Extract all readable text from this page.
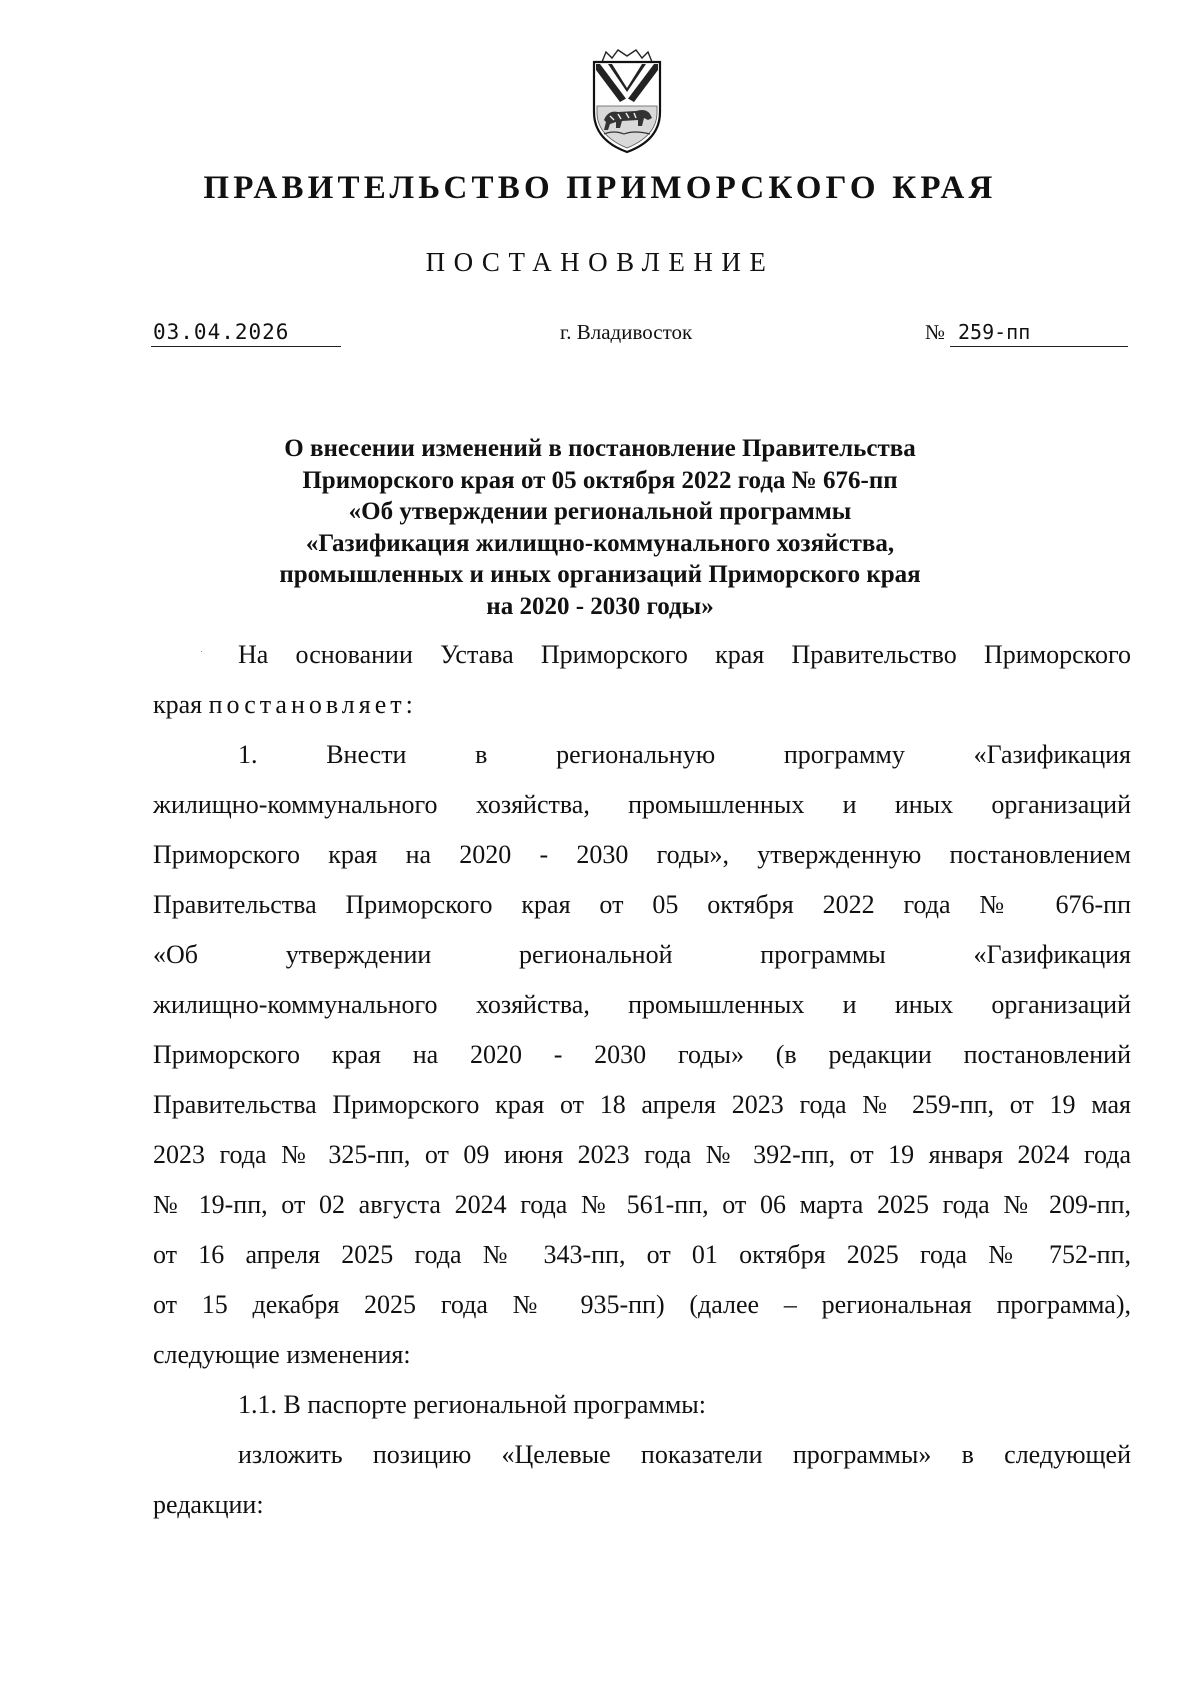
ПРАВИТЕЛЬСТВО ПРИМОРСКОГО КРАЯ
ПОСТАНОВЛЕНИЕ
03.04.2026	г. Владивосток	№ 259-пп
О внесении изменений в постановление Правительства
Приморского края от 05 октября 2022 года № 676-пп
«Об утверждении региональной программы
«Газификация жилищно-коммунального хозяйства,
промышленных и иных организаций Приморского края
на 2020 - 2030 годы»

На основании Устава Приморского края Правительство Приморского

края постановляет:

1. Внести в региональную программу «Газификация

жилищно-коммунального хозяйства, промышленных и иных организаций

Приморского края на 2020 - 2030 годы», утвержденную постановлением

Правительства Приморского края от 05 октября 2022 года № 676-пп

«Об утверждении региональной программы «Газификация

жилищно-коммунального хозяйства, промышленных и иных организаций

Приморского края на 2020 - 2030 годы» (в редакции постановлений

Правительства Приморского края от 18 апреля 2023 года № 259-пп, от 19 мая

2023 года № 325-пп, от 09 июня 2023 года № 392-пп, от 19 января 2024 года

№ 19-пп, от 02 августа 2024 года № 561-пп, от 06 марта 2025 года № 209-пп,

от 16 апреля 2025 года № 343-пп, от 01 октября 2025 года № 752-пп,

от 15 декабря 2025 года № 935-пп) (далее – региональная программа),

следующие изменения:

1.1. В паспорте региональной программы:

изложить позицию «Целевые показатели программы» в следующей

редакции:
